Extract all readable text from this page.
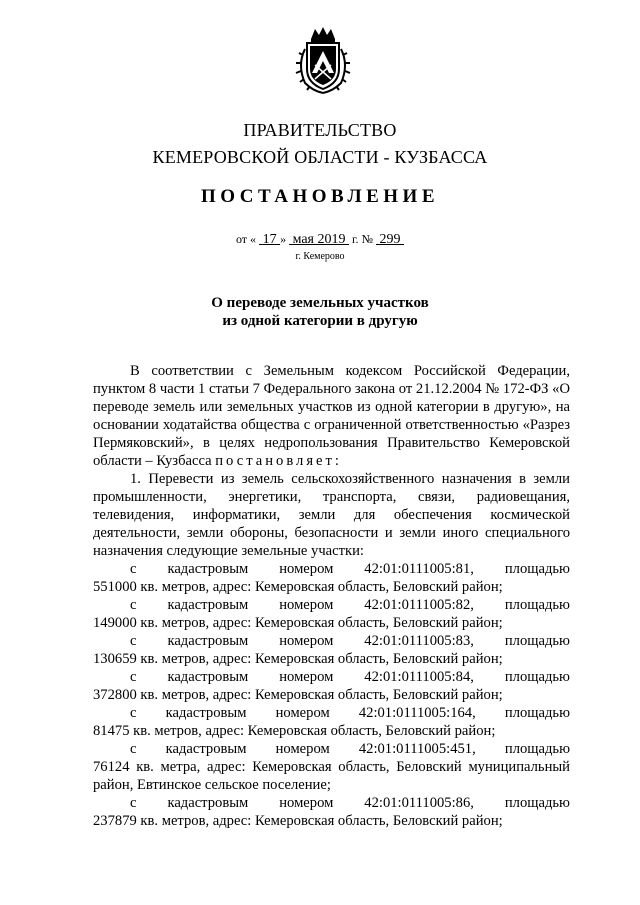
ПРАВИТЕЛЬСТВО
КЕМЕРОВСКОЙ ОБЛАСТИ - КУЗБАССА
ПОСТАНОВЛЕНИЕ
от « 17 » мая 2019 г. № 299
г. Кемерово
О переводе земельных участков
из одной категории в другую

В соответствии с Земельным кодексом Российской Федерации, пунктом 8 части 1 статьи 7 Федерального закона от 21.12.2004 № 172-ФЗ «О переводе земель или земельных участков из одной категории в другую», на основании ходатайства общества с ограниченной ответственностью «Разрез Пермяковский», в целях недропользования Правительство Кемеровской области – Кузбасса постановляет:

1. Перевести из земель сельскохозяйственного назначения в земли промышленности, энергетики, транспорта, связи, радиовещания, телевидения, информатики, земли для обеспечения космической деятельности, земли обороны, безопасности и земли иного специального назначения следующие земельные участки:

с кадастровым номером 42:01:0111005:81, площадью

551000 кв. метров, адрес: Кемеровская область, Беловский район;

с кадастровым номером 42:01:0111005:82, площадью

149000 кв. метров, адрес: Кемеровская область, Беловский район;

с кадастровым номером 42:01:0111005:83, площадью

130659 кв. метров, адрес: Кемеровская область, Беловский район;

с кадастровым номером 42:01:0111005:84, площадью

372800 кв. метров, адрес: Кемеровская область, Беловский район;

с кадастровым номером 42:01:0111005:164, площадью

81475 кв. метров, адрес: Кемеровская область, Беловский район;

с кадастровым номером 42:01:0111005:451, площадью

76124 кв. метра, адрес: Кемеровская область, Беловский муниципальный район, Евтинское сельское поселение;

с кадастровым номером 42:01:0111005:86, площадью

237879 кв. метров, адрес: Кемеровская область, Беловский район;
